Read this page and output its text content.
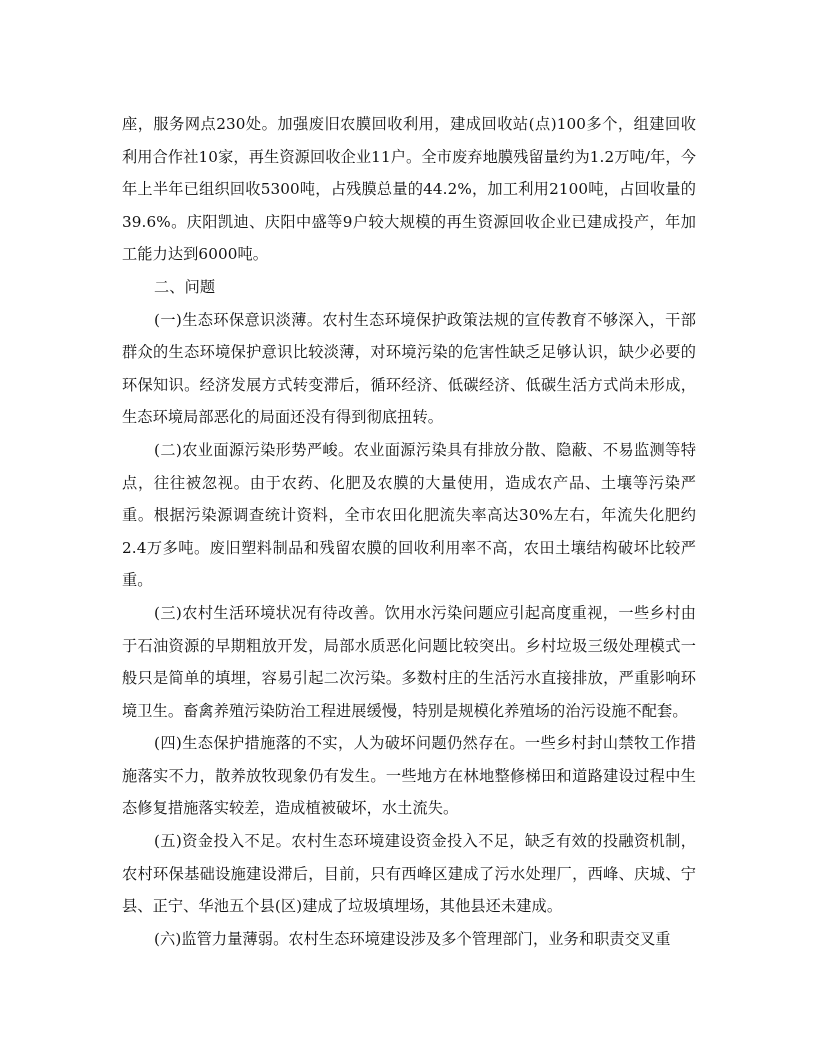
座，服务网点230处。加强废旧农膜回收利用，建成回收站(点)100多个，组建回收利用合作社10家，再生资源回收企业11户。全市废弃地膜残留量约为1.2万吨/年，今年上半年已组织回收5300吨，占残膜总量的44.2%，加工利用2100吨，占回收量的39.6%。庆阳凯迪、庆阳中盛等9户较大规模的再生资源回收企业已建成投产，年加工能力达到6000吨。

二、问题

(一)生态环保意识淡薄。农村生态环境保护政策法规的宣传教育不够深入，干部群众的生态环境保护意识比较淡薄，对环境污染的危害性缺乏足够认识，缺少必要的环保知识。经济发展方式转变滞后，循环经济、低碳经济、低碳生活方式尚未形成，生态环境局部恶化的局面还没有得到彻底扭转。

(二)农业面源污染形势严峻。农业面源污染具有排放分散、隐蔽、不易监测等特点，往往被忽视。由于农药、化肥及农膜的大量使用，造成农产品、土壤等污染严重。根据污染源调查统计资料，全市农田化肥流失率高达30%左右，年流失化肥约2.4万多吨。废旧塑料制品和残留农膜的回收利用率不高，农田土壤结构破坏比较严重。

(三)农村生活环境状况有待改善。饮用水污染问题应引起高度重视，一些乡村由于石油资源的早期粗放开发，局部水质恶化问题比较突出。乡村垃圾三级处理模式一般只是简单的填埋，容易引起二次污染。多数村庄的生活污水直接排放，严重影响环境卫生。畜禽养殖污染防治工程进展缓慢，特别是规模化养殖场的治污设施不配套。

(四)生态保护措施落的不实，人为破坏问题仍然存在。一些乡村封山禁牧工作措施落实不力，散养放牧现象仍有发生。一些地方在林地整修梯田和道路建设过程中生态修复措施落实较差，造成植被破坏，水土流失。

(五)资金投入不足。农村生态环境建设资金投入不足，缺乏有效的投融资机制，农村环保基础设施建设滞后，目前，只有西峰区建成了污水处理厂，西峰、庆城、宁县、正宁、华池五个县(区)建成了垃圾填埋场，其他县还未建成。

(六)监管力量薄弱。农村生态环境建设涉及多个管理部门，业务和职责交叉重
